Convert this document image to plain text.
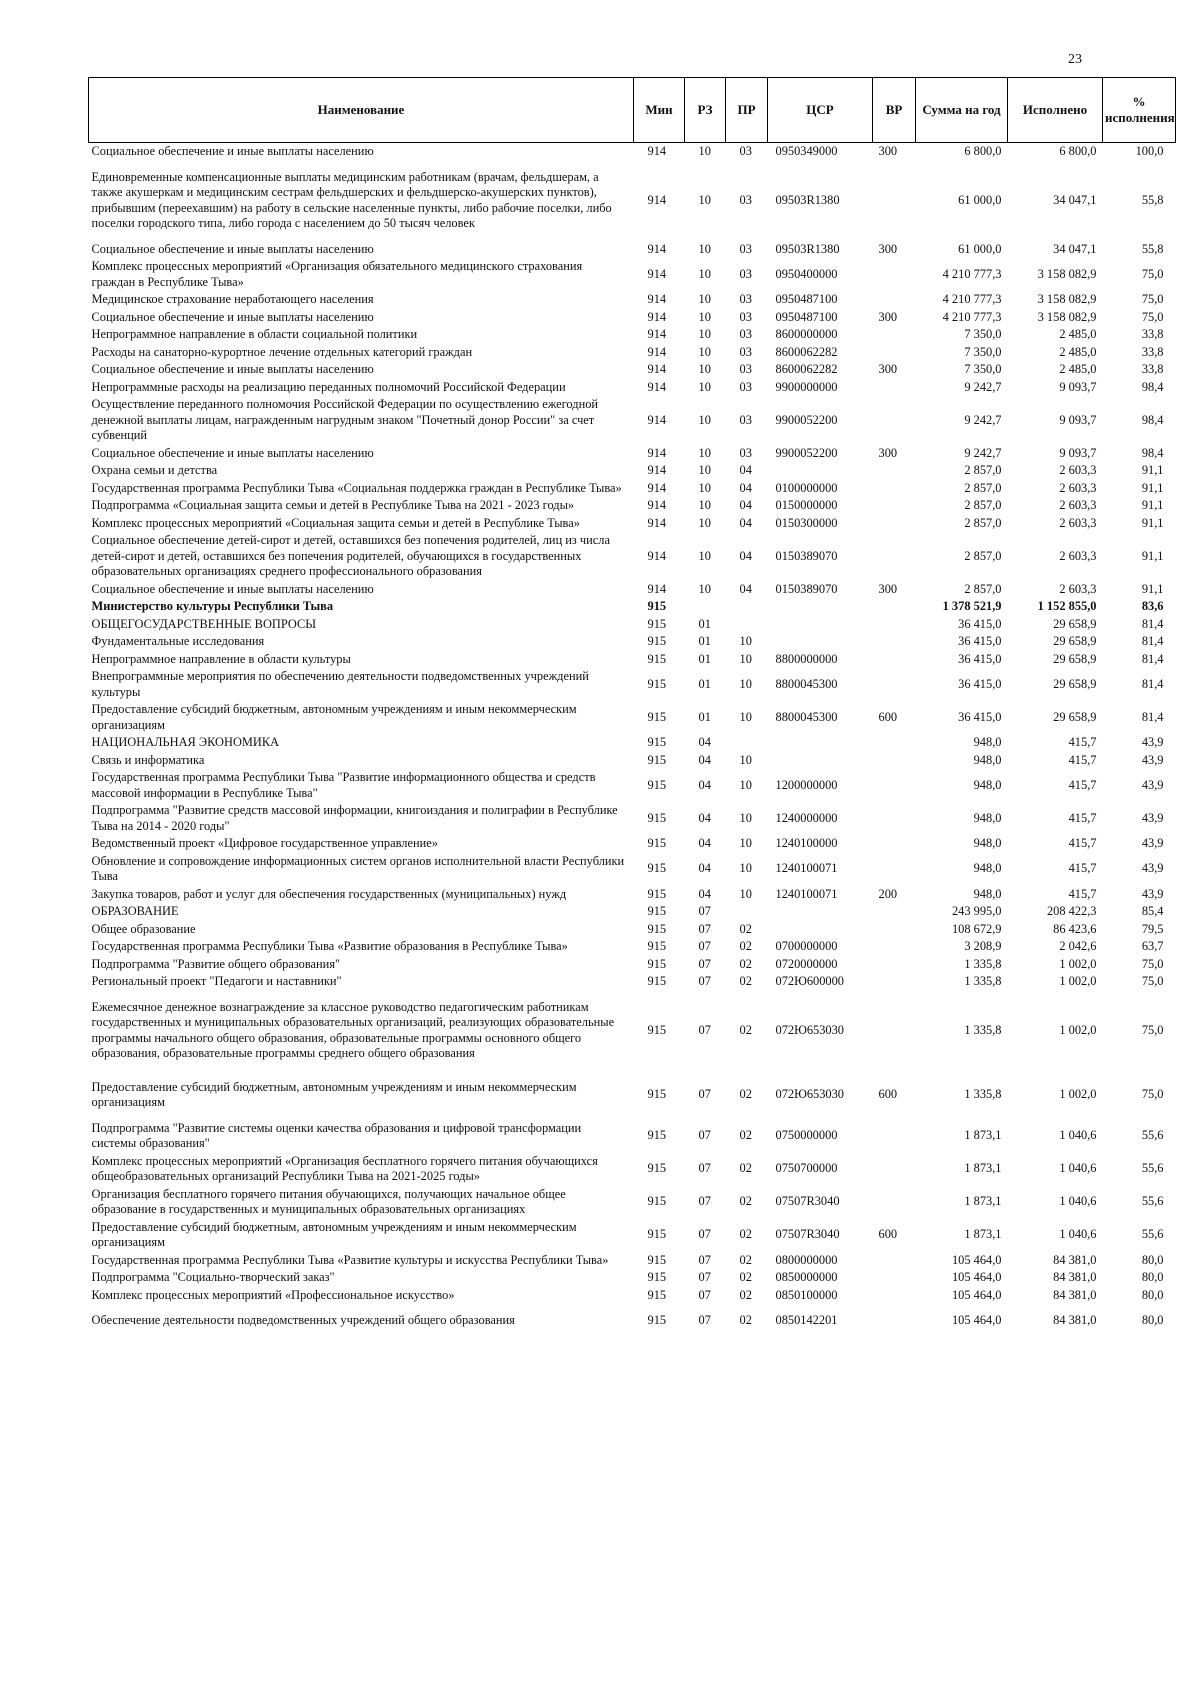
23
Наименование	Мин	РЗ	ПР	ЦСР	ВР	Сумма на год	Исполнено	% исполнения
Социальное обеспечение и иные выплаты населению	914	10	03	0950349000	300	6 800,0	6 800,0	100,0
Единовременные компенсационные выплаты медицинским работникам (врачам, фельдшерам, а также акушеркам и медицинским сестрам фельдшерских и фельдшерско-акушерских пунктов), прибывшим (переехавшим) на работу в сельские населенные пункты, либо рабочие поселки, либо поселки городского типа, либо города с населением до 50 тысяч человек	914	10	03	09503R1380		61 000,0	34 047,1	55,8
Социальное обеспечение и иные выплаты населению	914	10	03	09503R1380	300	61 000,0	34 047,1	55,8
Комплекс процессных мероприятий «Организация обязательного медицинского страхования граждан в Республике Тыва»	914	10	03	0950400000		4 210 777,3	3 158 082,9	75,0
Медицинское страхование неработающего населения	914	10	03	0950487100		4 210 777,3	3 158 082,9	75,0
Социальное обеспечение и иные выплаты населению	914	10	03	0950487100	300	4 210 777,3	3 158 082,9	75,0
Непрограммное направление в области социальной политики	914	10	03	8600000000		7 350,0	2 485,0	33,8
Расходы на санаторно-курортное лечение отдельных категорий граждан	914	10	03	8600062282		7 350,0	2 485,0	33,8
Социальное обеспечение и иные выплаты населению	914	10	03	8600062282	300	7 350,0	2 485,0	33,8
Непрограммные расходы на реализацию переданных полномочий Российской Федерации	914	10	03	9900000000		9 242,7	9 093,7	98,4
Осуществление переданного полномочия Российской Федерации по осуществлению ежегодной денежной выплаты лицам, награжденным нагрудным знаком "Почетный донор России" за счет субвенций	914	10	03	9900052200		9 242,7	9 093,7	98,4
Социальное обеспечение и иные выплаты населению	914	10	03	9900052200	300	9 242,7	9 093,7	98,4
Охрана семьи и детства	914	10	04			2 857,0	2 603,3	91,1
Государственная программа Республики Тыва «Социальная поддержка граждан в Республике Тыва»	914	10	04	0100000000		2 857,0	2 603,3	91,1
Подпрограмма «Социальная защита семьи и детей в Республике Тыва на 2021 - 2023 годы»	914	10	04	0150000000		2 857,0	2 603,3	91,1
Комплекс процессных мероприятий «Социальная защита семьи и детей в Республике Тыва»	914	10	04	0150300000		2 857,0	2 603,3	91,1
Социальное обеспечение детей-сирот и детей, оставшихся без попечения родителей, лиц из числа детей-сирот и детей, оставшихся без попечения родителей, обучающихся в государственных образовательных организациях среднего профессионального образования	914	10	04	0150389070		2 857,0	2 603,3	91,1
Социальное обеспечение и иные выплаты населению	914	10	04	0150389070	300	2 857,0	2 603,3	91,1
Министерство культуры Республики Тыва	915					1 378 521,9	1 152 855,0	83,6
ОБЩЕГОСУДАРСТВЕННЫЕ ВОПРОСЫ	915	01				36 415,0	29 658,9	81,4
Фундаментальные исследования	915	01	10			36 415,0	29 658,9	81,4
Непрограммное направление в области культуры	915	01	10	8800000000		36 415,0	29 658,9	81,4
Внепрограммные мероприятия по обеспечению деятельности подведомственных учреждений культуры	915	01	10	8800045300		36 415,0	29 658,9	81,4
Предоставление субсидий бюджетным, автономным учреждениям и иным некоммерческим организациям	915	01	10	8800045300	600	36 415,0	29 658,9	81,4
НАЦИОНАЛЬНАЯ ЭКОНОМИКА	915	04				948,0	415,7	43,9
Связь и информатика	915	04	10			948,0	415,7	43,9
Государственная программа Республики Тыва "Развитие информационного общества и средств массовой информации в Республике Тыва"	915	04	10	1200000000		948,0	415,7	43,9
Подпрограмма "Развитие средств массовой информации, книгоиздания и полиграфии в Республике Тыва на 2014 - 2020 годы"	915	04	10	1240000000		948,0	415,7	43,9
Ведомственный проект «Цифровое государственное управление»	915	04	10	1240100000		948,0	415,7	43,9
Обновление и сопровождение информационных систем органов исполнительной власти Республики Тыва	915	04	10	1240100071		948,0	415,7	43,9
Закупка товаров, работ и услуг для обеспечения государственных (муниципальных) нужд	915	04	10	1240100071	200	948,0	415,7	43,9
ОБРАЗОВАНИЕ	915	07				243 995,0	208 422,3	85,4
Общее образование	915	07	02			108 672,9	86 423,6	79,5
Государственная программа Республики Тыва «Развитие образования в Республике Тыва»	915	07	02	0700000000		3 208,9	2 042,6	63,7
Подпрограмма "Развитие общего образования"	915	07	02	0720000000		1 335,8	1 002,0	75,0
Региональный проект "Педагоги и наставники"	915	07	02	072Ю600000		1 335,8	1 002,0	75,0
Ежемесячное денежное вознаграждение за классное руководство педагогическим работникам государственных и муниципальных образовательных организаций, реализующих образовательные программы начального общего образования, образовательные программы основного общего образования, образовательные программы среднего общего образования	915	07	02	072Ю653030		1 335,8	1 002,0	75,0
Предоставление субсидий бюджетным, автономным учреждениям и иным некоммерческим организациям	915	07	02	072Ю653030	600	1 335,8	1 002,0	75,0
Подпрограмма "Развитие системы оценки качества образования и цифровой трансформации системы образования"	915	07	02	0750000000		1 873,1	1 040,6	55,6
Комплекс процессных мероприятий «Организация бесплатного горячего питания обучающихся общеобразовательных организаций Республики Тыва на 2021-2025 годы»	915	07	02	0750700000		1 873,1	1 040,6	55,6
Организация бесплатного горячего питания обучающихся, получающих начальное общее образование в государственных и муниципальных образовательных организациях	915	07	02	07507R3040		1 873,1	1 040,6	55,6
Предоставление субсидий бюджетным, автономным учреждениям и иным некоммерческим организациям	915	07	02	07507R3040	600	1 873,1	1 040,6	55,6
Государственная программа Республики Тыва «Развитие культуры и искусства Республики Тыва»	915	07	02	0800000000		105 464,0	84 381,0	80,0
Подпрограмма "Социально-творческий заказ"	915	07	02	0850000000		105 464,0	84 381,0	80,0
Комплекс процессных мероприятий «Профессиональное искусство»	915	07	02	0850100000		105 464,0	84 381,0	80,0
Обеспечение деятельности подведомственных учреждений общего образования	915	07	02	0850142201		105 464,0	84 381,0	80,0
